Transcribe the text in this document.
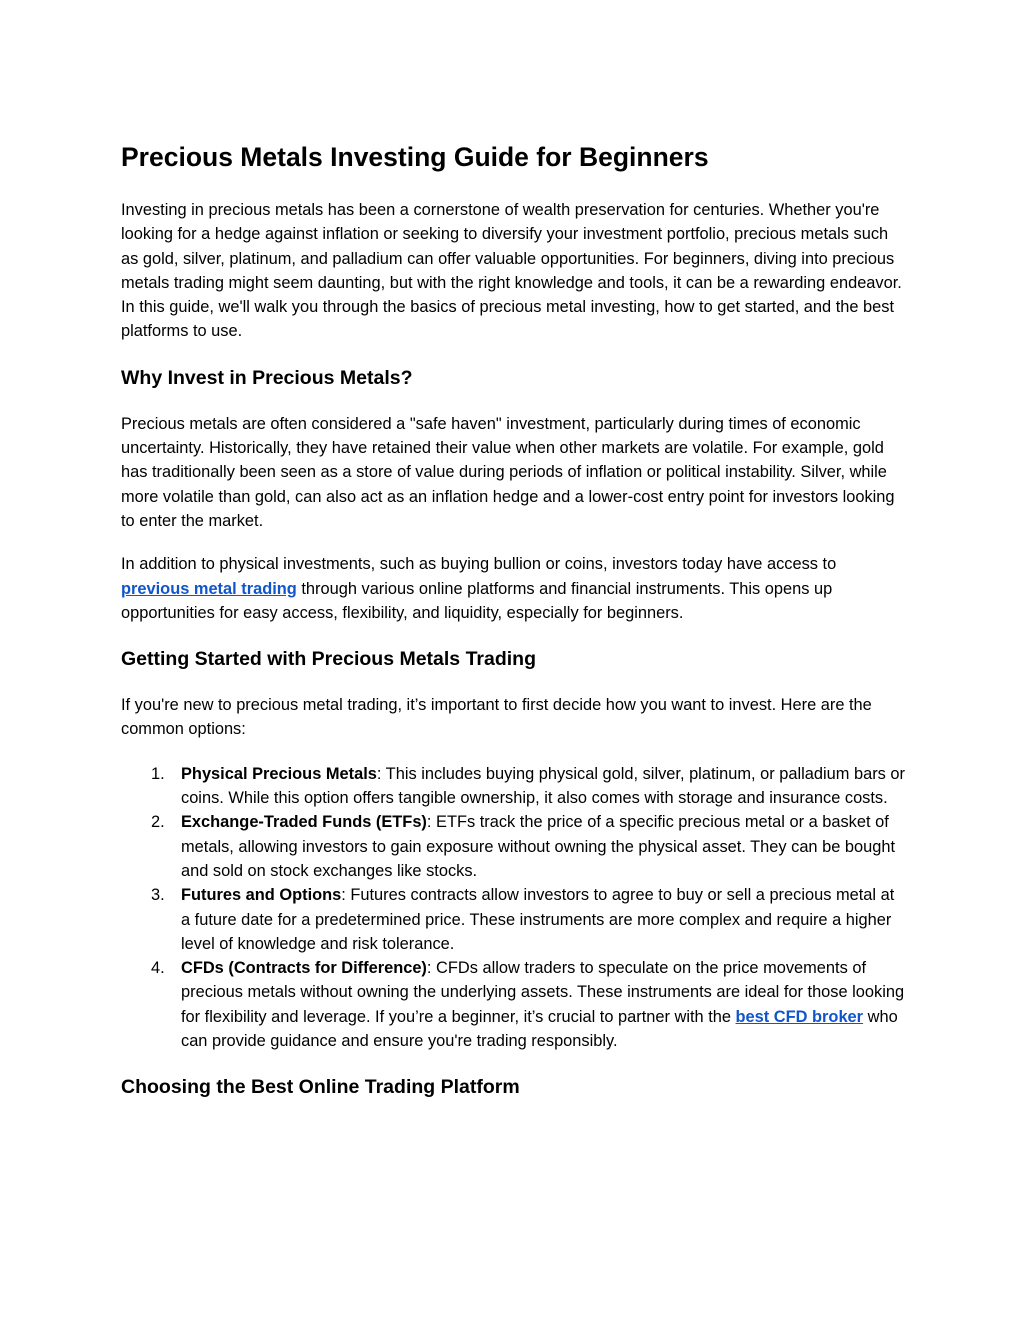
Precious Metals Investing Guide for Beginners

Investing in precious metals has been a cornerstone of wealth preservation for centuries. Whether you're looking for a hedge against inflation or seeking to diversify your investment portfolio, precious metals such as gold, silver, platinum, and palladium can offer valuable opportunities. For beginners, diving into precious metals trading might seem daunting, but with the right knowledge and tools, it can be a rewarding endeavor. In this guide, we'll walk you through the basics of precious metal investing, how to get started, and the best platforms to use.

Why Invest in Precious Metals?

Precious metals are often considered a "safe haven" investment, particularly during times of economic uncertainty. Historically, they have retained their value when other markets are volatile. For example, gold has traditionally been seen as a store of value during periods of inflation or political instability. Silver, while more volatile than gold, can also act as an inflation hedge and a lower-cost entry point for investors looking to enter the market.

In addition to physical investments, such as buying bullion or coins, investors today have access to previous metal trading through various online platforms and financial instruments. This opens up opportunities for easy access, flexibility, and liquidity, especially for beginners.

Getting Started with Precious Metals Trading

If you're new to precious metal trading, it’s important to first decide how you want to invest. Here are the common options:

1. Physical Precious Metals: This includes buying physical gold, silver, platinum, or palladium bars or coins. While this option offers tangible ownership, it also comes with storage and insurance costs.
2. Exchange-Traded Funds (ETFs): ETFs track the price of a specific precious metal or a basket of metals, allowing investors to gain exposure without owning the physical asset. They can be bought and sold on stock exchanges like stocks.
3. Futures and Options: Futures contracts allow investors to agree to buy or sell a precious metal at a future date for a predetermined price. These instruments are more complex and require a higher level of knowledge and risk tolerance.
4. CFDs (Contracts for Difference): CFDs allow traders to speculate on the price movements of precious metals without owning the underlying assets. These instruments are ideal for those looking for flexibility and leverage. If you’re a beginner, it’s crucial to partner with the best CFD broker who can provide guidance and ensure you're trading responsibly.
Choosing the Best Online Trading Platform
